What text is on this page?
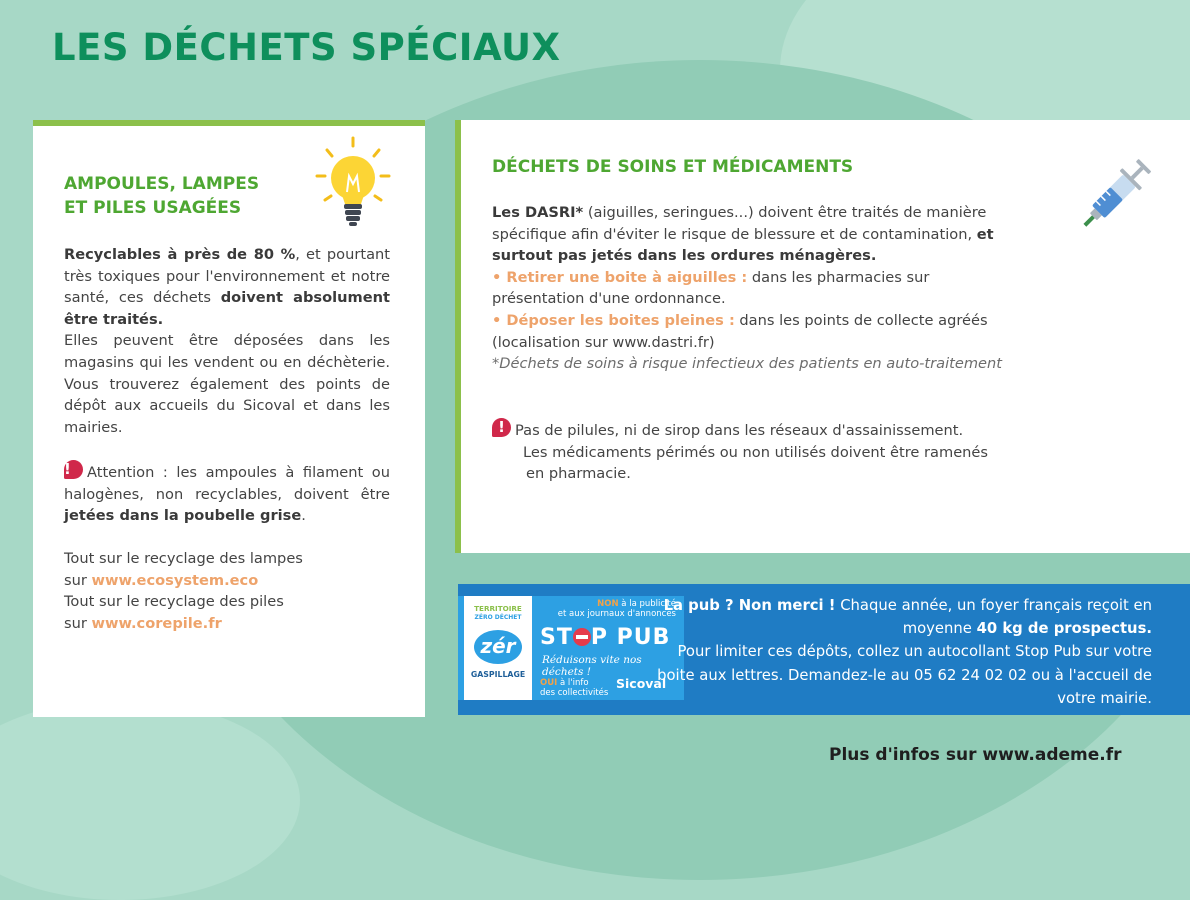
LES DÉCHETS SPÉCIAUX
AMPOULES, LAMPES
ET PILES USAGÉES

Recyclables à près de 80 %, et pourtant très toxiques pour l'environnement et notre santé, ces déchets doivent absolument être traités.
Elles peuvent être déposées dans les magasins qui les vendent ou en déchèterie. Vous trouverez également des points de dépôt aux accueils du Sicoval et dans les mairies.

!Attention : les ampoules à filament ou halogènes, non recyclables, doivent être jetées dans la poubelle grise.

Tout sur le recyclage des lampes
sur www.ecosystem.eco
Tout sur le recyclage des piles
sur www.corepile.fr

DÉCHETS DE SOINS ET MÉDICAMENTS

Les DASRI* (aiguilles, seringues...) doivent être traités de manière spécifique afin d'éviter le risque de blessure et de contamination, et surtout pas jetés dans les ordures ménagères.
• Retirer une boite à aiguilles : dans les pharmacies sur présentation d'une ordonnance.
• Déposer les boites pleines : dans les points de collecte agréés (localisation sur www.dastri.fr)
*Déchets de soins à risque infectieux des patients en auto-traitement

!Pas de pilules, ni de sirop dans les réseaux d'assainissement.
Les médicaments périmés ou non utilisés doivent être ramenés
en pharmacie.

TERRITOIRE
ZÉRO DÉCHET
zér
GASPILLAGE
NON à la publicité
et aux journaux d'annonces
ST P PUB
Réduisons vite nos déchets !
OUI à l'info
des collectivités
Sicoval

La pub ? Non merci ! Chaque année, un foyer français reçoit en moyenne 40 kg de prospectus.
Pour limiter ces dépôts, collez un autocollant Stop Pub sur votre boite aux lettres. Demandez-le au 05 62 24 02 02 ou à l'accueil de votre mairie.

Plus d'infos sur www.ademe.fr
